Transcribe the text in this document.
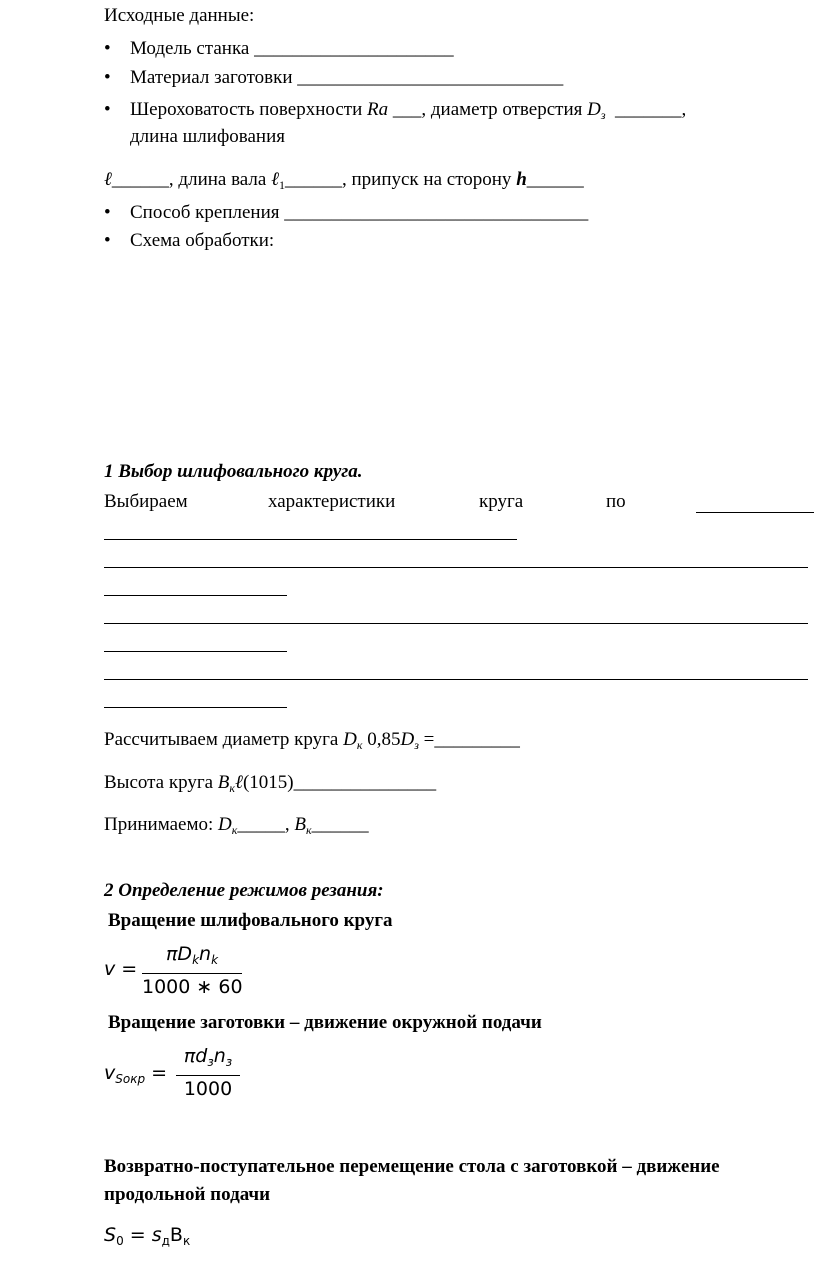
Исходные данные:
• Модель станка _____________________
• Материал заготовки ____________________________
• Шероховатость поверхности Ra ___, диаметр отверстия $D_з$  _______,
длина шлифования
ℓ______, длина вала ℓ$_1$______, припуск на сторону h______
• Способ крепления ________________________________
• Схема обработки:
1 Выбор шлифовального круга.
Выбираем	характеристики	круга	по
Рассчитываем диаметр круга $D_к$ $0,85D_з$ =_________
Высота круга $B_к\ell(1015)\_\_\_\_\_\_\_\_\_\_\_\_\_\_\_$
Принимаемо: $D_к\_\_\_\_\_$, $B_к\_\_\_\_\_\_$
2 Определение режимов резания:
Вращение шлифовального круга
v =
$\pi D_kn_k$
1000 ∗ 60
Вращение заготовки – движение окружной подачи
$v_{Sокр}$ =
$\pi d_зn_з$
1000
Возвратно-поступательное перемещение стола с заготовкой – движение
продольной подачи
$S_0 = s_дB_к$
